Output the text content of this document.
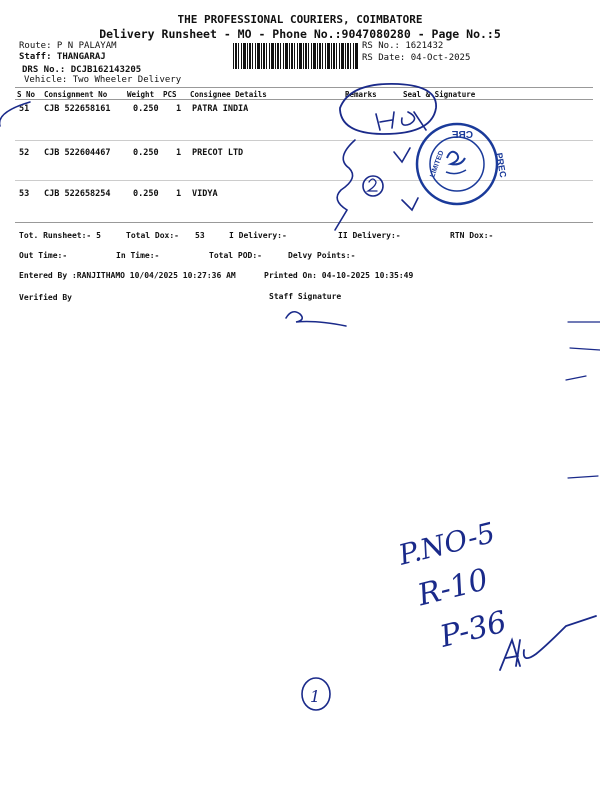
THE PROFESSIONAL COURIERS, COIMBATORE
Delivery Runsheet - MO - Phone No.:9047080280 - Page No.:5
Route: P N PALAYAM
Staff: THANGARAJ
DRS No.: DCJB162143205
Vehicle: Two Wheeler Delivery
RS No.: 1621432
RS Date: 04-Oct-2025
S No Consignment No	Weight PCS Consignee Details	Remarks	Seal & Signature
51 CJB 522658161	0.250 1 PATRA INDIA
52 CJB 522604467	0.250 1 PRECOT LTD
53 CJB 522658254	0.250 1 VIDYA
Tot. Runsheet:- 5	Total Dox:- 53	I Delivery:-	II Delivery:-	RTN Dox:-
Out Time:-	In Time:-	Total POD:-	Delvy Points:-
Entered By :RANJITHAMO 10/04/2025 10:27:36 AM	Printed On: 04-10-2025 10:35:49
Verified By	Staff Signature
CBE
PREC
LIMITED
P.NO-5
R-10
P-36
1
